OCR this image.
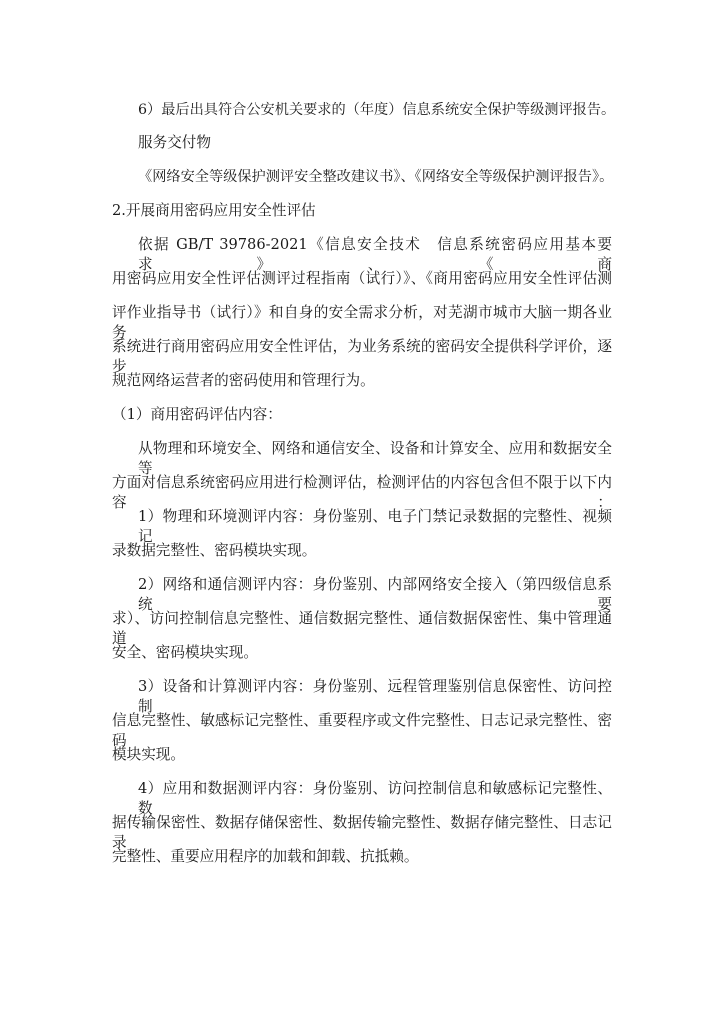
6）最后出具符合公安机关要求的（年度）信息系统安全保护等级测评报告。

服务交付物

《网络安全等级保护测评安全整改建议书》、《网络安全等级保护测评报告》。

2.开展商用密码应用安全性评估

依据 GB/T 39786-2021《信息安全技术　信息系统密码应用基本要求》、《商

用密码应用安全性评估测评过程指南（试行）》、《商用密码应用安全性评估测

评作业指导书（试行）》和自身的安全需求分析，对芜湖市城市大脑一期各业务

系统进行商用密码应用安全性评估，为业务系统的密码安全提供科学评价，逐步

规范网络运营者的密码使用和管理行为。

（1）商用密码评估内容：

从物理和环境安全、网络和通信安全、设备和计算安全、应用和数据安全等

方面对信息系统密码应用进行检测评估，检测评估的内容包含但不限于以下内容：

1）物理和环境测评内容：身份鉴别、电子门禁记录数据的完整性、视频记

录数据完整性、密码模块实现。

2）网络和通信测评内容：身份鉴别、内部网络安全接入（第四级信息系统要

求）、访问控制信息完整性、通信数据完整性、通信数据保密性、集中管理通道

安全、密码模块实现。

3）设备和计算测评内容：身份鉴别、远程管理鉴别信息保密性、访问控制

信息完整性、敏感标记完整性、重要程序或文件完整性、日志记录完整性、密码

模块实现。

4）应用和数据测评内容：身份鉴别、访问控制信息和敏感标记完整性、数

据传输保密性、数据存储保密性、数据传输完整性、数据存储完整性、日志记录

完整性、重要应用程序的加载和卸载、抗抵赖。
